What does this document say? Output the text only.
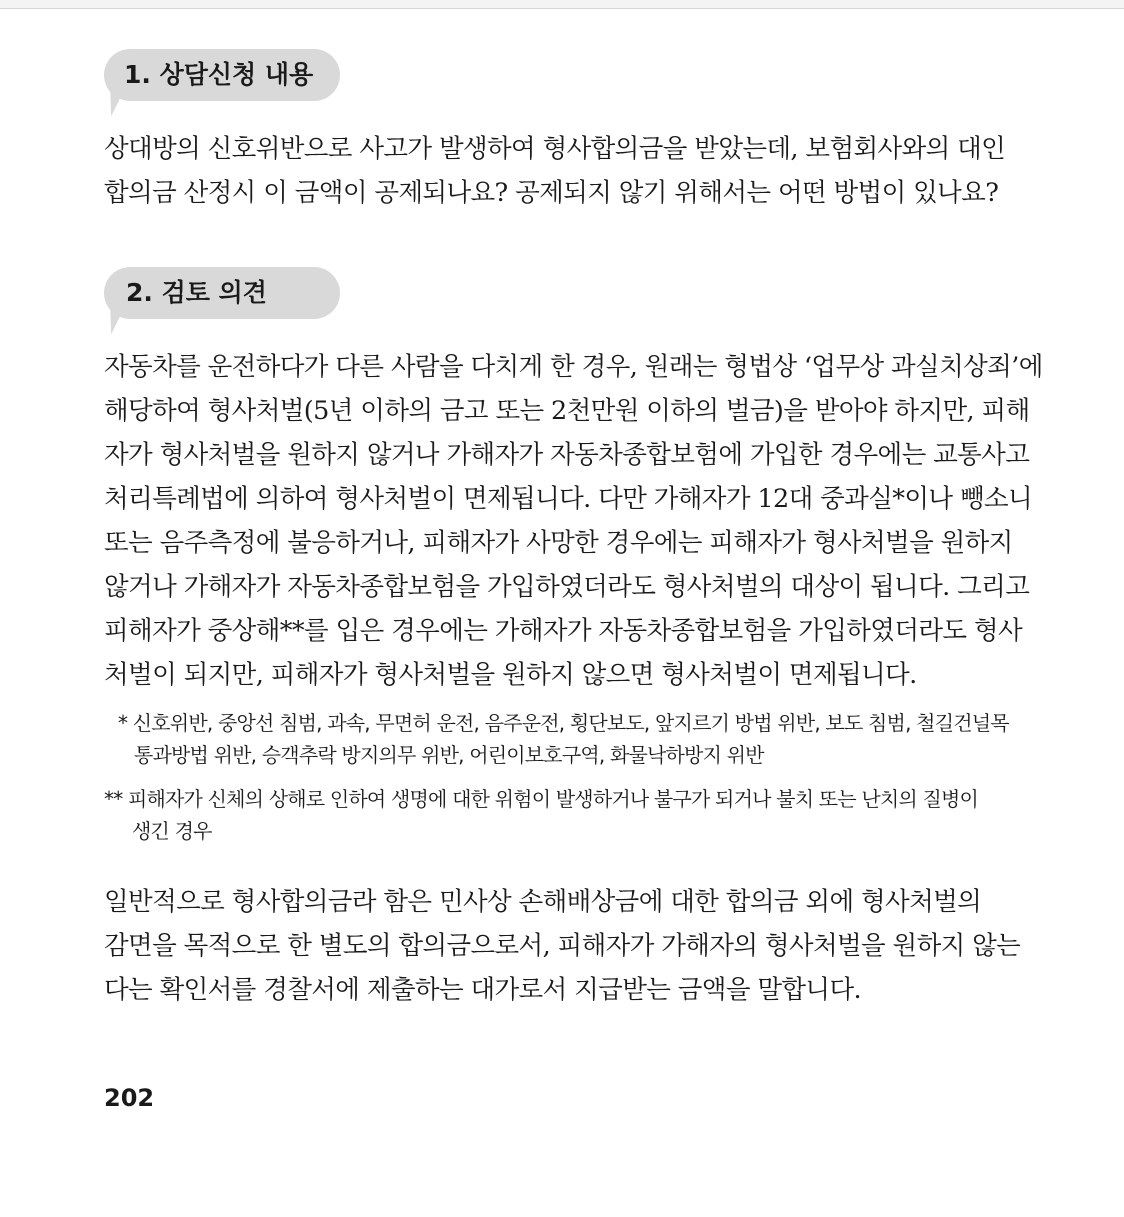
1. 상담신청 내용
상대방의 신호위반으로 사고가 발생하여 형사합의금을 받았는데, 보험회사와의 대인
합의금 산정시 이 금액이 공제되나요? 공제되지 않기 위해서는 어떤 방법이 있나요?
2. 검토 의견
자동차를 운전하다가 다른 사람을 다치게 한 경우, 원래는 형법상 ‘업무상 과실치상죄’에
해당하여 형사처벌(5년 이하의 금고 또는 2천만원 이하의 벌금)을 받아야 하지만, 피해
자가 형사처벌을 원하지 않거나 가해자가 자동차종합보험에 가입한 경우에는 교통사고
처리특례법에 의하여 형사처벌이 면제됩니다. 다만 가해자가 12대 중과실*이나 뺑소니
또는 음주측정에 불응하거나, 피해자가 사망한 경우에는 피해자가 형사처벌을 원하지
않거나 가해자가 자동차종합보험을 가입하였더라도 형사처벌의 대상이 됩니다. 그리고
피해자가 중상해**를 입은 경우에는 가해자가 자동차종합보험을 가입하였더라도 형사
처벌이 되지만, 피해자가 형사처벌을 원하지 않으면 형사처벌이 면제됩니다.
* 신호위반, 중앙선 침범, 과속, 무면허 운전, 음주운전, 횡단보도, 앞지르기 방법 위반, 보도 침범, 철길건널목
통과방법 위반, 승객추락 방지의무 위반, 어린이보호구역, 화물낙하방지 위반
** 피해자가 신체의 상해로 인하여 생명에 대한 위험이 발생하거나 불구가 되거나 불치 또는 난치의 질병이
생긴 경우
일반적으로 형사합의금라 함은 민사상 손해배상금에 대한 합의금 외에 형사처벌의
감면을 목적으로 한 별도의 합의금으로서, 피해자가 가해자의 형사처벌을 원하지 않는
다는 확인서를 경찰서에 제출하는 대가로서 지급받는 금액을 말합니다.
202
